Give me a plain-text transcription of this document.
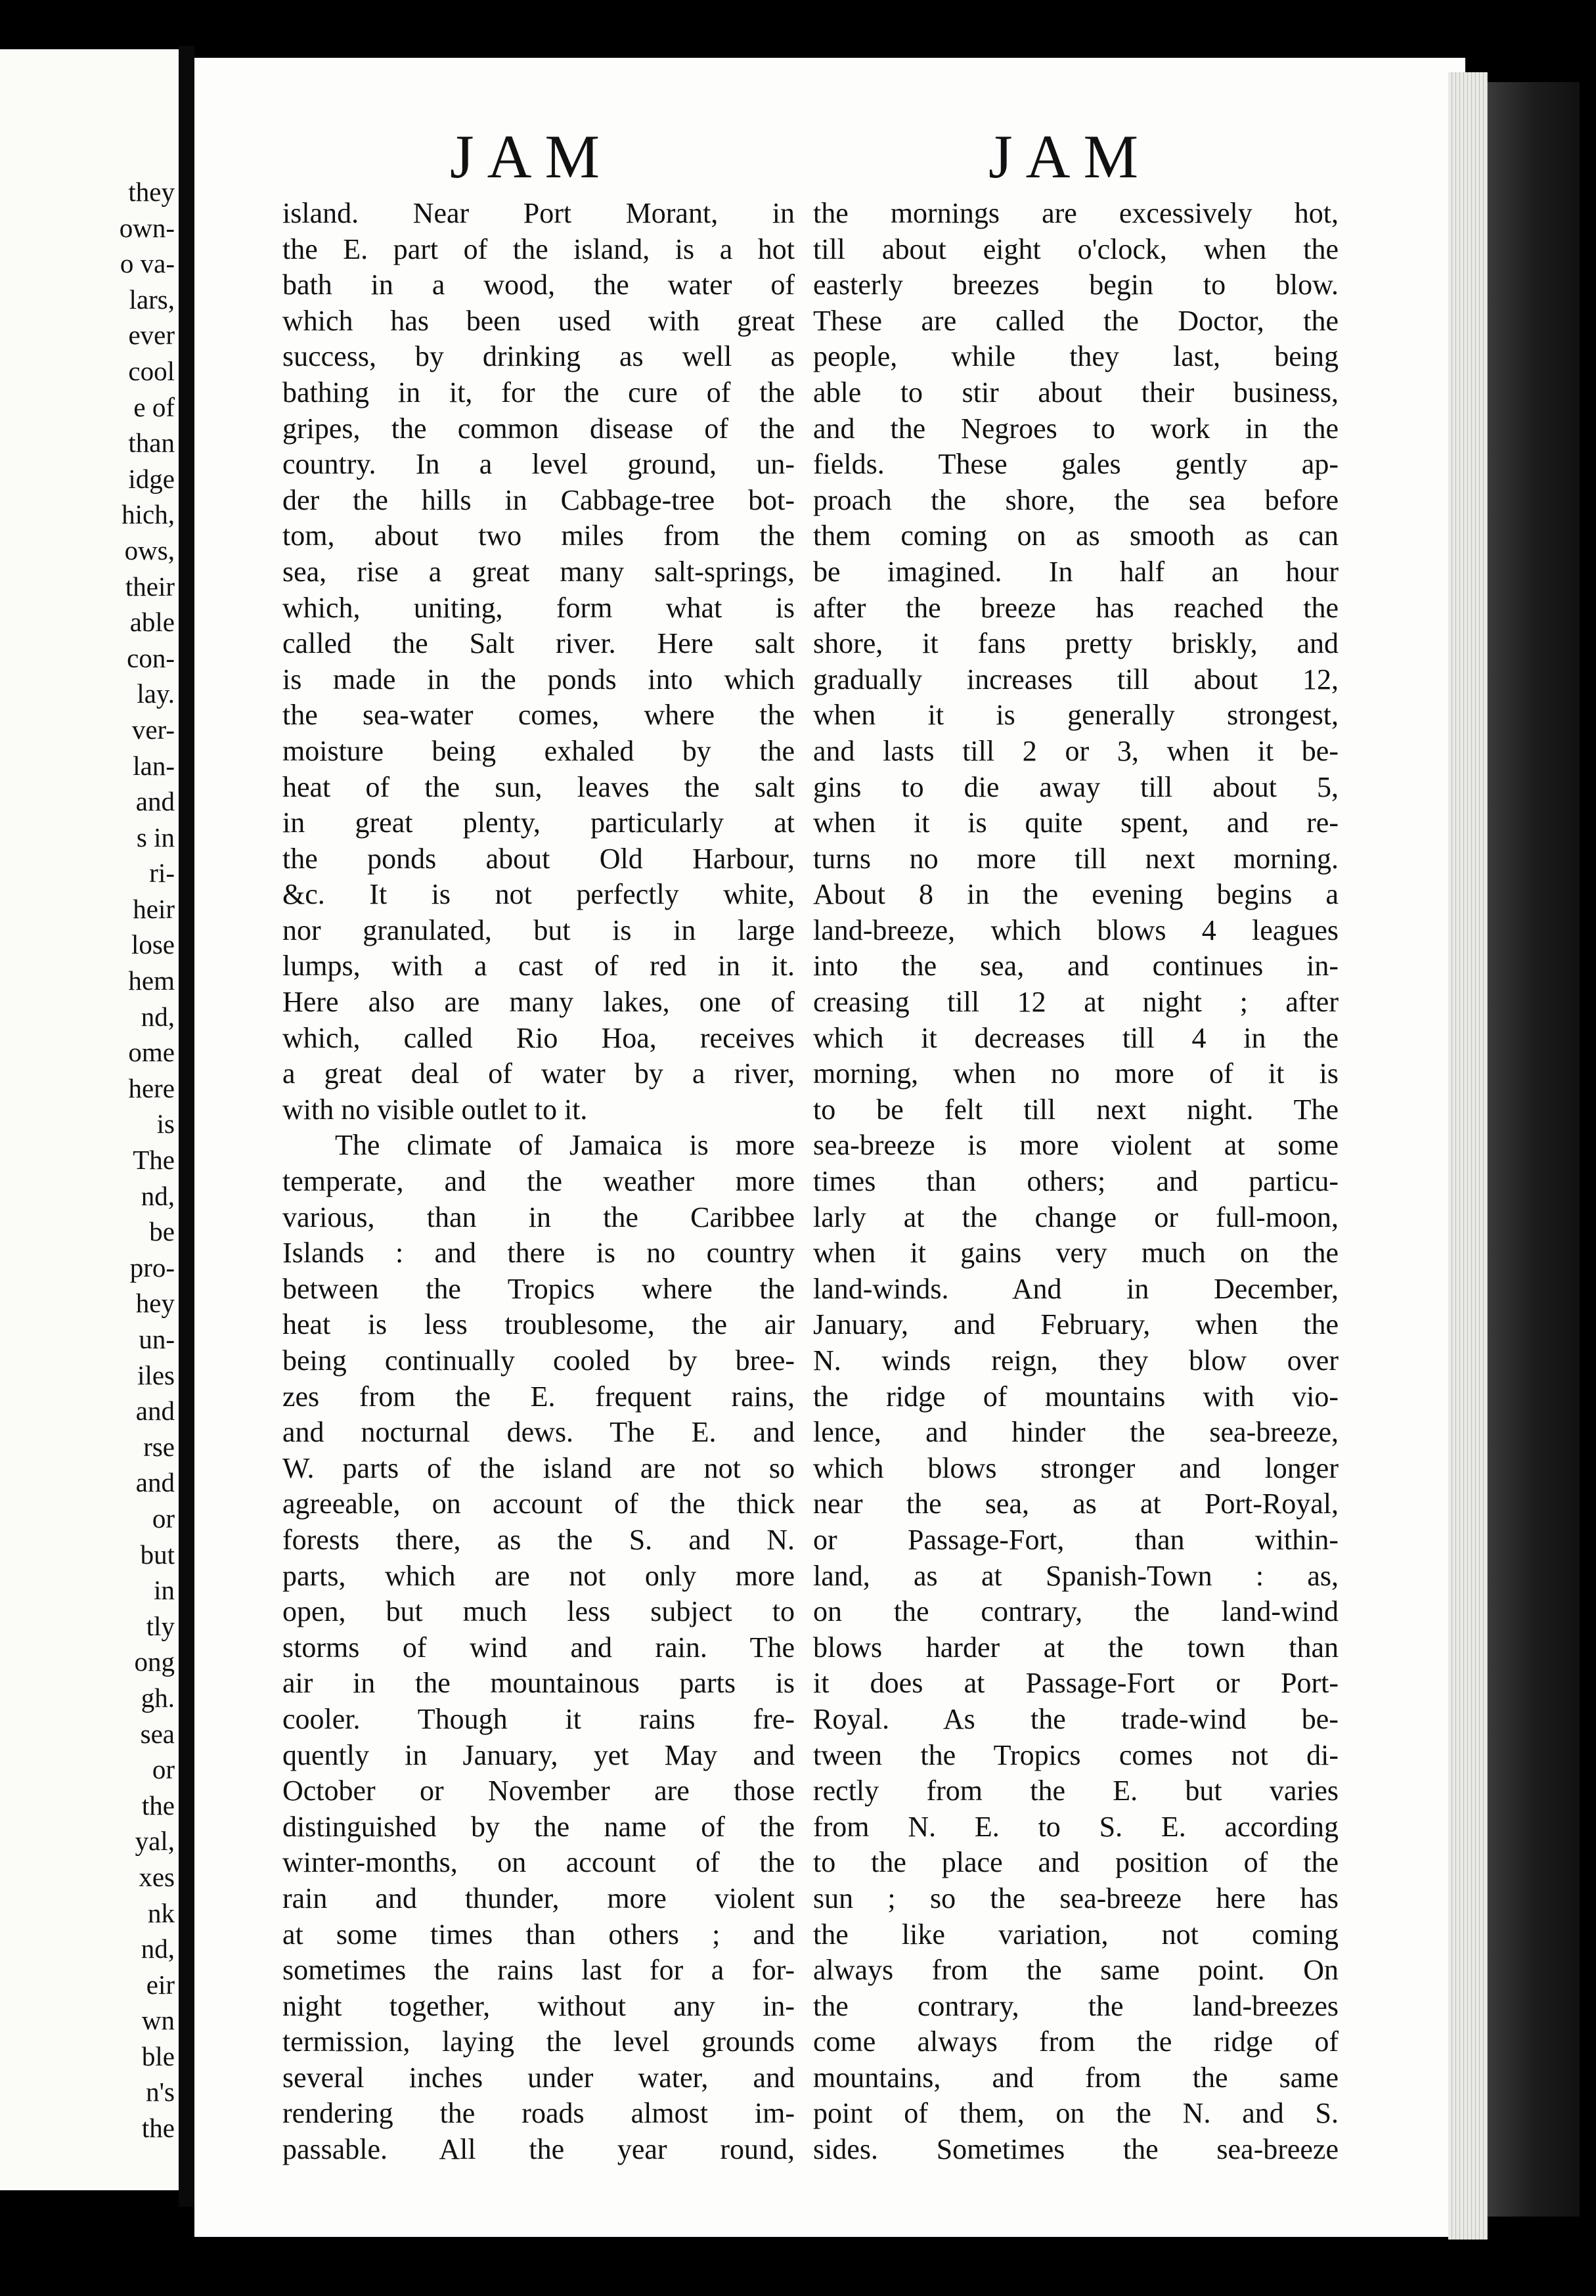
they
own-
o va-
lars,
ever
cool
e of
than
idge
hich,
ows,
their
able
con-
lay.
ver-
lan-
and
s in
ri-
heir
lose
hem
nd,
ome
here
is
The
nd,
be
pro-
hey
un-
iles
and
rse
and
or
but
in
tly
ong
gh.
sea
or
the
yal,
xes
nk
nd,
eir
wn
ble
n's
the
JAM	JAM
island. Near Port Morant, in
the E. part of the island, is a hot
bath in a wood, the water of
which has been used with great
success, by drinking as well as
bathing in it, for the cure of the
gripes, the common disease of the
country. In a level ground, un-
der the hills in Cabbage-tree bot-
tom, about two miles from the
sea, rise a great many salt-springs,
which, uniting, form what is
called the Salt river. Here salt
is made in the ponds into which
the sea-water comes, where the
moisture being exhaled by the
heat of the sun, leaves the salt
in great plenty, particularly at
the ponds about Old Harbour,
&c. It is not perfectly white,
nor granulated, but is in large
lumps, with a cast of red in it.
Here also are many lakes, one of
which, called Rio Hoa, receives
a great deal of water by a river,
with no visible outlet to it.
The climate of Jamaica is more
temperate, and the weather more
various, than in the Caribbee
Islands : and there is no country
between the Tropics where the
heat is less troublesome, the air
being continually cooled by bree-
zes from the E. frequent rains,
and nocturnal dews. The E. and
W. parts of the island are not so
agreeable, on account of the thick
forests there, as the S. and N.
parts, which are not only more
open, but much less subject to
storms of wind and rain. The
air in the mountainous parts is
cooler. Though it rains fre-
quently in January, yet May and
October or November are those
distinguished by the name of the
winter-months, on account of the
rain and thunder, more violent
at some times than others ; and
sometimes the rains last for a for-
night together, without any in-
termission, laying the level grounds
several inches under water, and
rendering the roads almost im-
passable. All the year round,
the mornings are excessively hot,
till about eight o'clock, when the
easterly breezes begin to blow.
These are called the Doctor, the
people, while they last, being
able to stir about their business,
and the Negroes to work in the
fields. These gales gently ap-
proach the shore, the sea before
them coming on as smooth as can
be imagined. In half an hour
after the breeze has reached the
shore, it fans pretty briskly, and
gradually increases till about 12,
when it is generally strongest,
and lasts till 2 or 3, when it be-
gins to die away till about 5,
when it is quite spent, and re-
turns no more till next morning.
About 8 in the evening begins a
land-breeze, which blows 4 leagues
into the sea, and continues in-
creasing till 12 at night ; after
which it decreases till 4 in the
morning, when no more of it is
to be felt till next night. The
sea-breeze is more violent at some
times than others; and particu-
larly at the change or full-moon,
when it gains very much on the
land-winds. And in December,
January, and February, when the
N. winds reign, they blow over
the ridge of mountains with vio-
lence, and hinder the sea-breeze,
which blows stronger and longer
near the sea, as at Port-Royal,
or Passage-Fort, than within-
land, as at Spanish-Town : as,
on the contrary, the land-wind
blows harder at the town than
it does at Passage-Fort or Port-
Royal. As the trade-wind be-
tween the Tropics comes not di-
rectly from the E. but varies
from N. E. to S. E. according
to the place and position of the
sun ; so the sea-breeze here has
the like variation, not coming
always from the same point. On
the contrary, the land-breezes
come always from the ridge of
mountains, and from the same
point of them, on the N. and S.
sides. Sometimes the sea-breeze
